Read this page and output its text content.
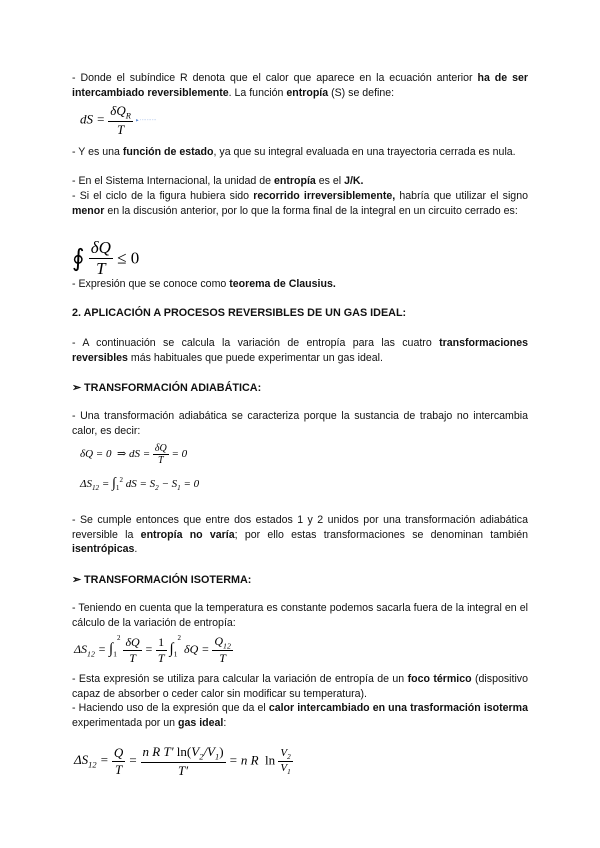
- Donde el subíndice R denota que el calor que aparece en la ecuación anterior ha de ser intercambiado reversiblemente. La función entropía (S) se define:

dS = $\frac{\delta Q_R}{T}$ ▸ ··········

- Y es una función de estado, ya que su integral evaluada en una trayectoria cerrada es nula.

- En el Sistema Internacional, la unidad de entropía es el J/K.

- Si el ciclo de la figura hubiera sido recorrido irreversiblemente, habría que utilizar el signo menor en la discusión anterior, por lo que la forma final de la integral en un circuito cerrado es:

∮ $\frac{\delta Q}{T} \le 0$

- Expresión que se conoce como teorema de Clausius.

2. APLICACIÓN A PROCESOS REVERSIBLES DE UN GAS IDEAL:

- A continuación se calcula la variación de entropía para las cuatro transformaciones reversibles más habituales que puede experimentar un gas ideal.

➢ TRANSFORMACIÓN ADIABÁTICA:

- Una transformación adiabática se caracteriza porque la sustancia de trabajo no intercambia calor, es decir:

δQ = 0  ⇒ dS = $\frac{\delta Q}{T} = 0$
$\Delta S_{12} = \int_1^2$ dS = $S_2 - S_1 = 0$

- Se cumple entonces que entre dos estados 1 y 2 unidos por una transformación adiabática reversible la entropía no varía; por ello estas transformaciones se denominan también isentrópicas.

➢ TRANSFORMACIÓN ISOTERMA:

- Teniendo en cuenta que la temperatura es constante podemos sacarla fuera de la integral en el cálculo de la variación de entropía:

$\Delta S_{12} = \int_1^2 \frac{\delta Q}{T} = \frac{1}{T} \int_1^2$ $\delta Q = \frac{Q_{12}}{T}$

- Esta expresión se utiliza para calcular la variación de entropía de un foco térmico (dispositivo capaz de absorber o ceder calor sin modificar su temperatura).

- Haciendo uso de la expresión que da el calor intercambiado en una trasformación isoterma experimentada por un gas ideal:

$\Delta S_{12} = \frac{Q}{T} = \frac{n R T' \ln(V_2/V_1)}{T'} = n$ R  $\ln \frac{V_2}{V_1}$
